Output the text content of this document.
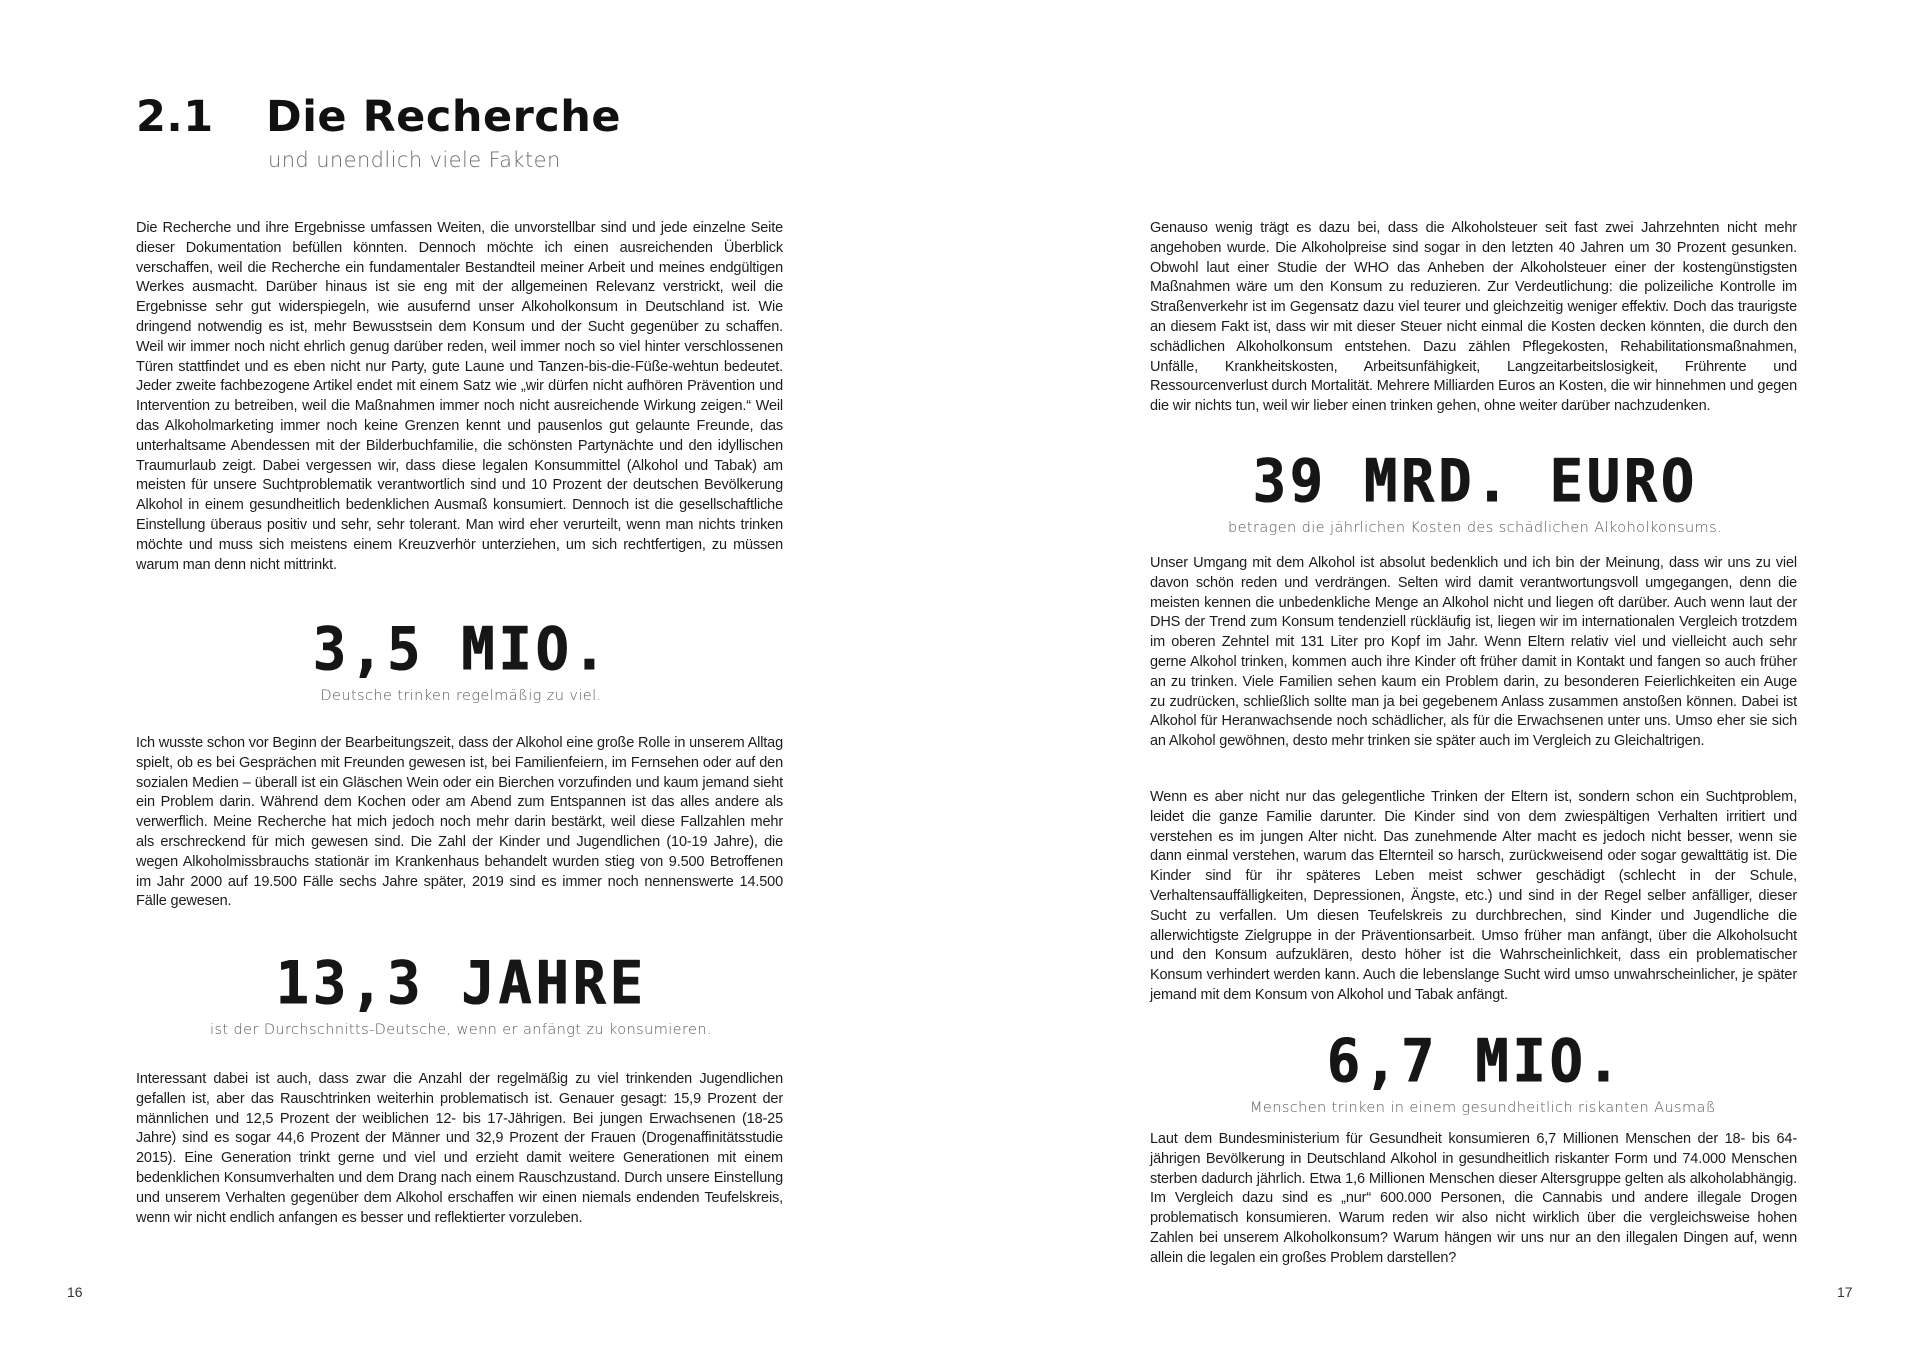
2.1 Die Recherche
und unendlich viele Fakten

Die Recherche und ihre Ergebnisse umfassen Weiten, die unvorstellbar sind und jede einzelne Seite dieser Dokumentation befüllen könnten. Dennoch möchte ich einen ausreichenden Überblick verschaffen, weil die Recherche ein fundamentaler Bestandteil meiner Arbeit und meines endgültigen Werkes ausmacht. Darüber hinaus ist sie eng mit der allgemeinen Relevanz verstrickt, weil die Ergebnisse sehr gut widerspiegeln, wie ausufernd unser Alkoholkonsum in Deutschland ist. Wie dringend notwendig es ist, mehr Bewusstsein dem Konsum und der Sucht gegenüber zu schaffen. Weil wir immer noch nicht ehrlich genug darüber reden, weil immer noch so viel hinter verschlossenen Türen stattfindet und es eben nicht nur Party, gute Laune und Tanzen-bis-die-Füße-wehtun bedeutet. Jeder zweite fachbezogene Artikel endet mit einem Satz wie „wir dürfen nicht aufhören Prävention und Intervention zu betreiben, weil die Maßnahmen immer noch nicht ausreichende Wirkung zeigen.“ Weil das Alkoholmarketing immer noch keine Grenzen kennt und pausenlos gut gelaunte Freunde, das unterhaltsame Abendessen mit der Bilderbuchfamilie, die schönsten Partynächte und den idyllischen Traumurlaub zeigt. Dabei vergessen wir, dass diese legalen Konsummittel (Alkohol und Tabak) am meisten für unsere Suchtproblematik verantwortlich sind und 10 Prozent der deutschen Bevölkerung Alkohol in einem gesundheitlich bedenklichen Ausmaß konsumiert. Dennoch ist die gesellschaftliche Einstellung überaus positiv und sehr, sehr tolerant. Man wird eher verurteilt, wenn man nichts trinken möchte und muss sich meistens einem Kreuzverhör unterziehen, um sich rechtfertigen, zu müssen warum man denn nicht mittrinkt.

3,5 MIO.
Deutsche trinken regelmäßig zu viel.

Ich wusste schon vor Beginn der Bearbeitungszeit, dass der Alkohol eine große Rolle in unserem Alltag spielt, ob es bei Gesprächen mit Freunden gewesen ist, bei Familienfeiern, im Fernsehen oder auf den sozialen Medien – überall ist ein Gläschen Wein oder ein Bierchen vorzufinden und kaum jemand sieht ein Problem darin. Während dem Kochen oder am Abend zum Entspannen ist das alles andere als verwerflich. Meine Recherche hat mich jedoch noch mehr darin bestärkt, weil diese Fallzahlen mehr als erschreckend für mich gewesen sind. Die Zahl der Kinder und Jugendlichen (10-19 Jahre), die wegen Alkoholmissbrauchs stationär im Krankenhaus behandelt wurden stieg von 9.500 Betroffenen im Jahr 2000 auf 19.500 Fälle sechs Jahre später, 2019 sind es immer noch nennenswerte 14.500 Fälle gewesen.

13,3 JAHRE
ist der Durchschnitts-Deutsche, wenn er anfängt zu konsumieren.

Interessant dabei ist auch, dass zwar die Anzahl der regelmäßig zu viel trinkenden Jugendlichen gefallen ist, aber das Rauschtrinken weiterhin problematisch ist. Genauer gesagt: 15,9 Prozent der männlichen und 12,5 Prozent der weiblichen 12- bis 17-Jährigen. Bei jungen Erwachsenen (18-25 Jahre) sind es sogar 44,6 Prozent der Männer und 32,9 Prozent der Frauen (Drogenaffinitätsstudie 2015). Eine Generation trinkt gerne und viel und erzieht damit weitere Generationen mit einem bedenklichen Konsumverhalten und dem Drang nach einem Rauschzustand. Durch unsere Einstellung und unserem Verhalten gegenüber dem Alkohol erschaffen wir einen niemals endenden Teufelskreis, wenn wir nicht endlich anfangen es besser und reflektierter vorzuleben.

16

Genauso wenig trägt es dazu bei, dass die Alkoholsteuer seit fast zwei Jahrzehnten nicht mehr angehoben wurde. Die Alkoholpreise sind sogar in den letzten 40 Jahren um 30 Prozent gesunken. Obwohl laut einer Studie der WHO das Anheben der Alkoholsteuer einer der kostengünstigsten Maßnahmen wäre um den Konsum zu reduzieren. Zur Verdeutlichung: die polizeiliche Kontrolle im Straßenverkehr ist im Gegensatz dazu viel teurer und gleichzeitig weniger effektiv. Doch das traurigste an diesem Fakt ist, dass wir mit dieser Steuer nicht einmal die Kosten decken könnten, die durch den schädlichen Alkoholkonsum entstehen. Dazu zählen Pflegekosten, Rehabilitationsmaßnahmen, Unfälle, Krankheitskosten, Arbeitsunfähigkeit, Langzeitarbeitslosigkeit, Frührente und Ressourcenverlust durch Mortalität. Mehrere Milliarden Euros an Kosten, die wir hinnehmen und gegen die wir nichts tun, weil wir lieber einen trinken gehen, ohne weiter darüber nachzudenken.

39 MRD. EURO
betragen die jährlichen Kosten des schädlichen Alkoholkonsums.

Unser Umgang mit dem Alkohol ist absolut bedenklich und ich bin der Meinung, dass wir uns zu viel davon schön reden und verdrängen. Selten wird damit verantwortungsvoll umgegangen, denn die meisten kennen die unbedenkliche Menge an Alkohol nicht und liegen oft darüber. Auch wenn laut der DHS der Trend zum Konsum tendenziell rückläufig ist, liegen wir im internationalen Vergleich trotzdem im oberen Zehntel mit 131 Liter pro Kopf im Jahr. Wenn Eltern relativ viel und vielleicht auch sehr gerne Alkohol trinken, kommen auch ihre Kinder oft früher damit in Kontakt und fangen so auch früher an zu trinken. Viele Familien sehen kaum ein Problem darin, zu besonderen Feierlichkeiten ein Auge zu zudrücken, schließlich sollte man ja bei gegebenem Anlass zusammen anstoßen können. Dabei ist Alkohol für Heranwachsende noch schädlicher, als für die Erwachsenen unter uns. Umso eher sie sich an Alkohol gewöhnen, desto mehr trinken sie später auch im Vergleich zu Gleichaltrigen.

Wenn es aber nicht nur das gelegentliche Trinken der Eltern ist, sondern schon ein Suchtproblem, leidet die ganze Familie darunter. Die Kinder sind von dem zwiespältigen Verhalten irritiert und verstehen es im jungen Alter nicht. Das zunehmende Alter macht es jedoch nicht besser, wenn sie dann einmal verstehen, warum das Elternteil so harsch, zurückweisend oder sogar gewalttätig ist. Die Kinder sind für ihr späteres Leben meist schwer geschädigt (schlecht in der Schule, Verhaltensauffälligkeiten, Depressionen, Ängste, etc.) und sind in der Regel selber anfälliger, dieser Sucht zu verfallen. Um diesen Teufelskreis zu durchbrechen, sind Kinder und Jugendliche die allerwichtigste Zielgruppe in der Präventionsarbeit. Umso früher man anfängt, über die Alkoholsucht und den Konsum aufzuklären, desto höher ist die Wahrscheinlichkeit, dass ein problematischer Konsum verhindert werden kann. Auch die lebenslange Sucht wird umso unwahrscheinlicher, je später jemand mit dem Konsum von Alkohol und Tabak anfängt.

6,7 MIO.
Menschen trinken in einem gesundheitlich riskanten Ausmaß

Laut dem Bundesministerium für Gesundheit konsumieren 6,7 Millionen Menschen der 18- bis 64-jährigen Bevölkerung in Deutschland Alkohol in gesundheitlich riskanter Form und 74.000 Menschen sterben dadurch jährlich. Etwa 1,6 Millionen Menschen dieser Altersgruppe gelten als alkoholabhängig. Im Vergleich dazu sind es „nur“ 600.000 Personen, die Cannabis und andere illegale Drogen problematisch konsumieren. Warum reden wir also nicht wirklich über die vergleichsweise hohen Zahlen bei unserem Alkoholkonsum? Warum hängen wir uns nur an den illegalen Dingen auf, wenn allein die legalen ein großes Problem darstellen?

17
